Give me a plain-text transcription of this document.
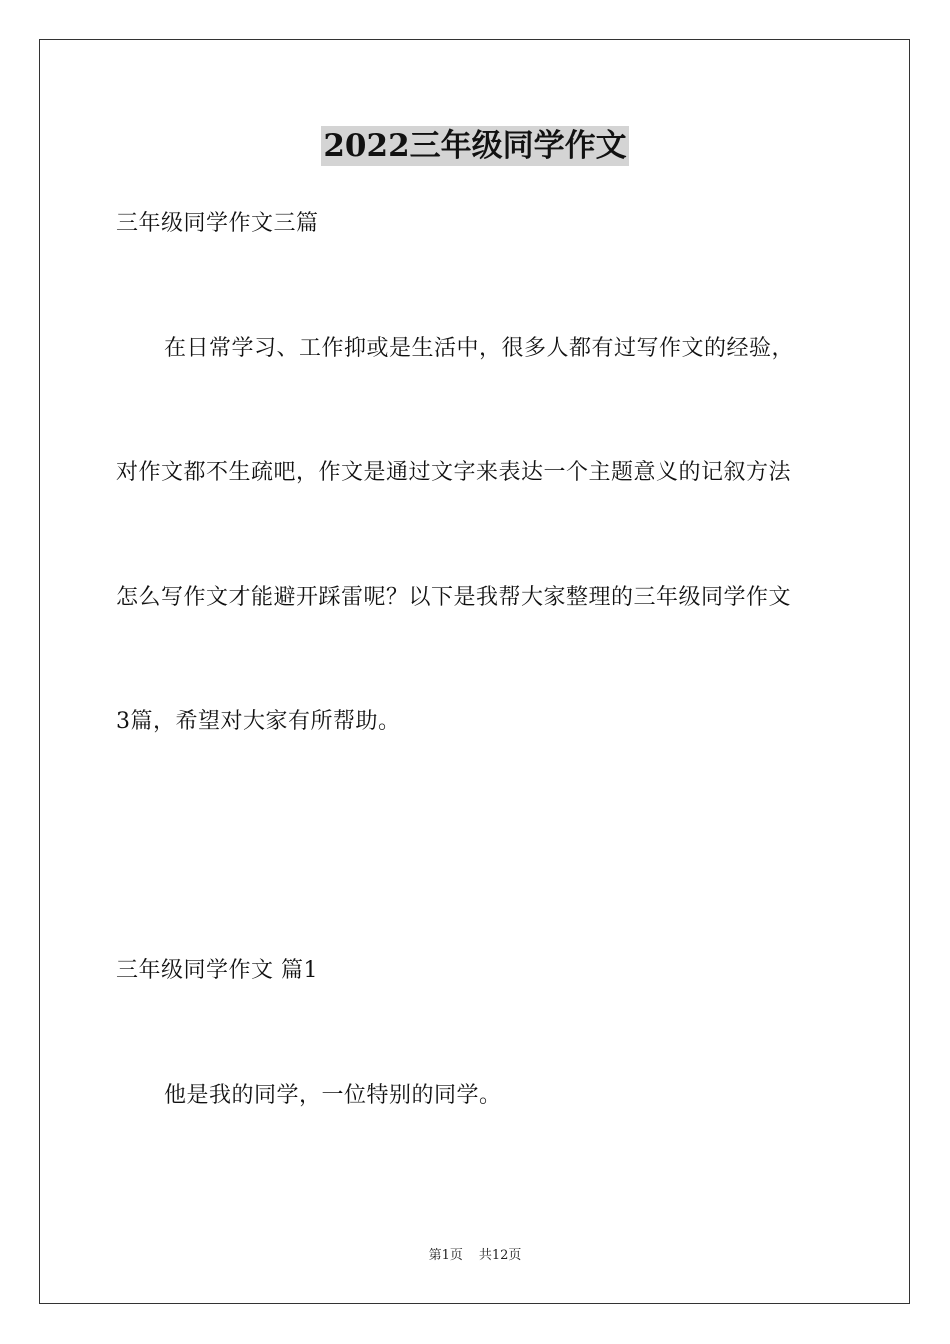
2022三年级同学作文
三年级同学作文三篇
在日常学习、工作抑或是生活中，很多人都有过写作文的经验，
对作文都不生疏吧，作文是通过文字来表达一个主题意义的记叙方法
怎么写作文才能避开踩雷呢？以下是我帮大家整理的三年级同学作文
3篇，希望对大家有所帮助。
三年级同学作文 篇1
他是我的同学，一位特别的同学。
第1页 共12页
